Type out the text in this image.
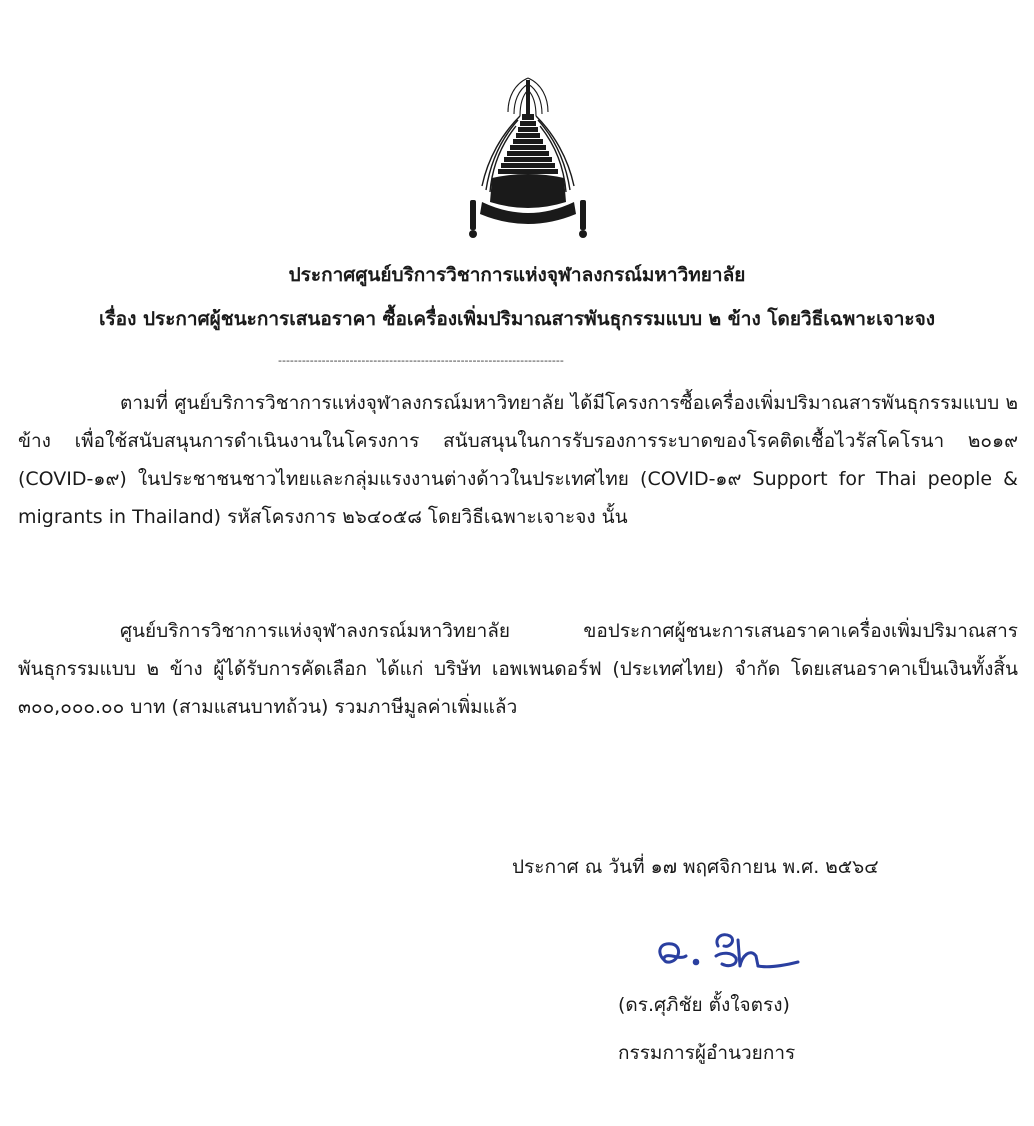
ประกาศศูนย์บริการวิชาการแห่งจุฬาลงกรณ์มหาวิทยาลัย
เรื่อง ประกาศผู้ชนะการเสนอราคา ซื้อเครื่องเพิ่มปริมาณสารพันธุกรรมแบบ ๒ ข้าง โดยวิธีเฉพาะเจาะจง
------------------------------------------------------------------------
ตามที่ ศูนย์บริการวิชาการแห่งจุฬาลงกรณ์มหาวิทยาลัย ได้มีโครงการซื้อเครื่องเพิ่มปริมาณสารพันธุกรรมแบบ ๒ ข้าง เพื่อใช้สนับสนุนการดำเนินงานในโครงการ สนับสนุนในการรับรองการระบาดของโรคติดเชื้อไวรัสโคโรนา ๒๐๑๙ (COVID-๑๙) ในประชาชนชาวไทยและกลุ่มแรงงานต่างด้าวในประเทศไทย (COVID-๑๙ Support for Thai people & migrants in Thailand) รหัสโครงการ ๒๖๔๐๕๘ โดยวิธีเฉพาะเจาะจง นั้น
ศูนย์บริการวิชาการแห่งจุฬาลงกรณ์มหาวิทยาลัย ขอประกาศผู้ชนะการเสนอราคาเครื่องเพิ่มปริมาณสารพันธุกรรมแบบ ๒ ข้าง ผู้ได้รับการคัดเลือก ได้แก่ บริษัท เอพเพนดอร์ฟ (ประเทศไทย) จำกัด โดยเสนอราคาเป็นเงินทั้งสิ้น ๓๐๐,๐๐๐.๐๐ บาท (สามแสนบาทถ้วน) รวมภาษีมูลค่าเพิ่มแล้ว
ประกาศ ณ วันที่ ๑๗ พฤศจิกายน พ.ศ. ๒๕๖๔
(ดร.ศุภิชัย ตั้งใจตรง)
กรรมการผู้อำนวยการ
